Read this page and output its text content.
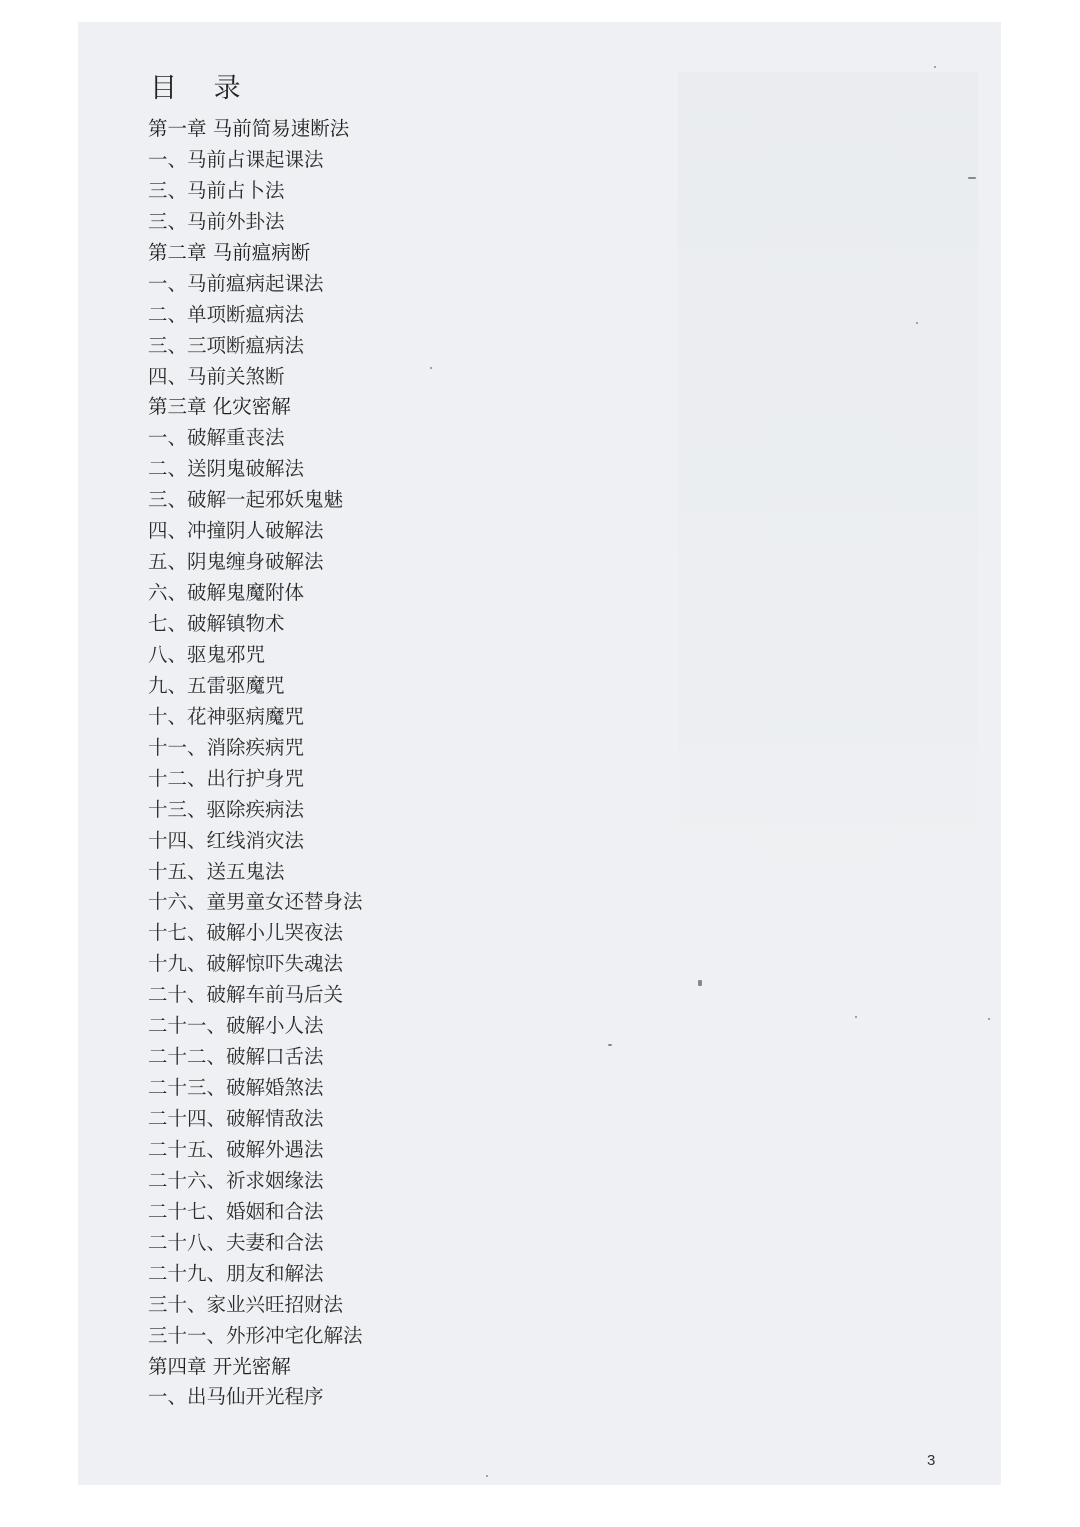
目 录
第一章 马前简易速断法
一、马前占课起课法
三、马前占卜法
三、马前外卦法
第二章 马前瘟病断
一、马前瘟病起课法
二、单项断瘟病法
三、三项断瘟病法
四、马前关煞断
第三章 化灾密解
一、破解重丧法
二、送阴鬼破解法
三、破解一起邪妖鬼魅
四、冲撞阴人破解法
五、阴鬼缠身破解法
六、破解鬼魔附体
七、破解镇物术
八、驱鬼邪咒
九、五雷驱魔咒
十、花神驱病魔咒
十一、消除疾病咒
十二、出行护身咒
十三、驱除疾病法
十四、红线消灾法
十五、送五鬼法
十六、童男童女还替身法
十七、破解小儿哭夜法
十九、破解惊吓失魂法
二十、破解车前马后关
二十一、破解小人法
二十二、破解口舌法
二十三、破解婚煞法
二十四、破解情敌法
二十五、破解外遇法
二十六、祈求姻缘法
二十七、婚姻和合法
二十八、夫妻和合法
二十九、朋友和解法
三十、家业兴旺招财法
三十一、外形冲宅化解法
第四章 开光密解
一、出马仙开光程序
3
